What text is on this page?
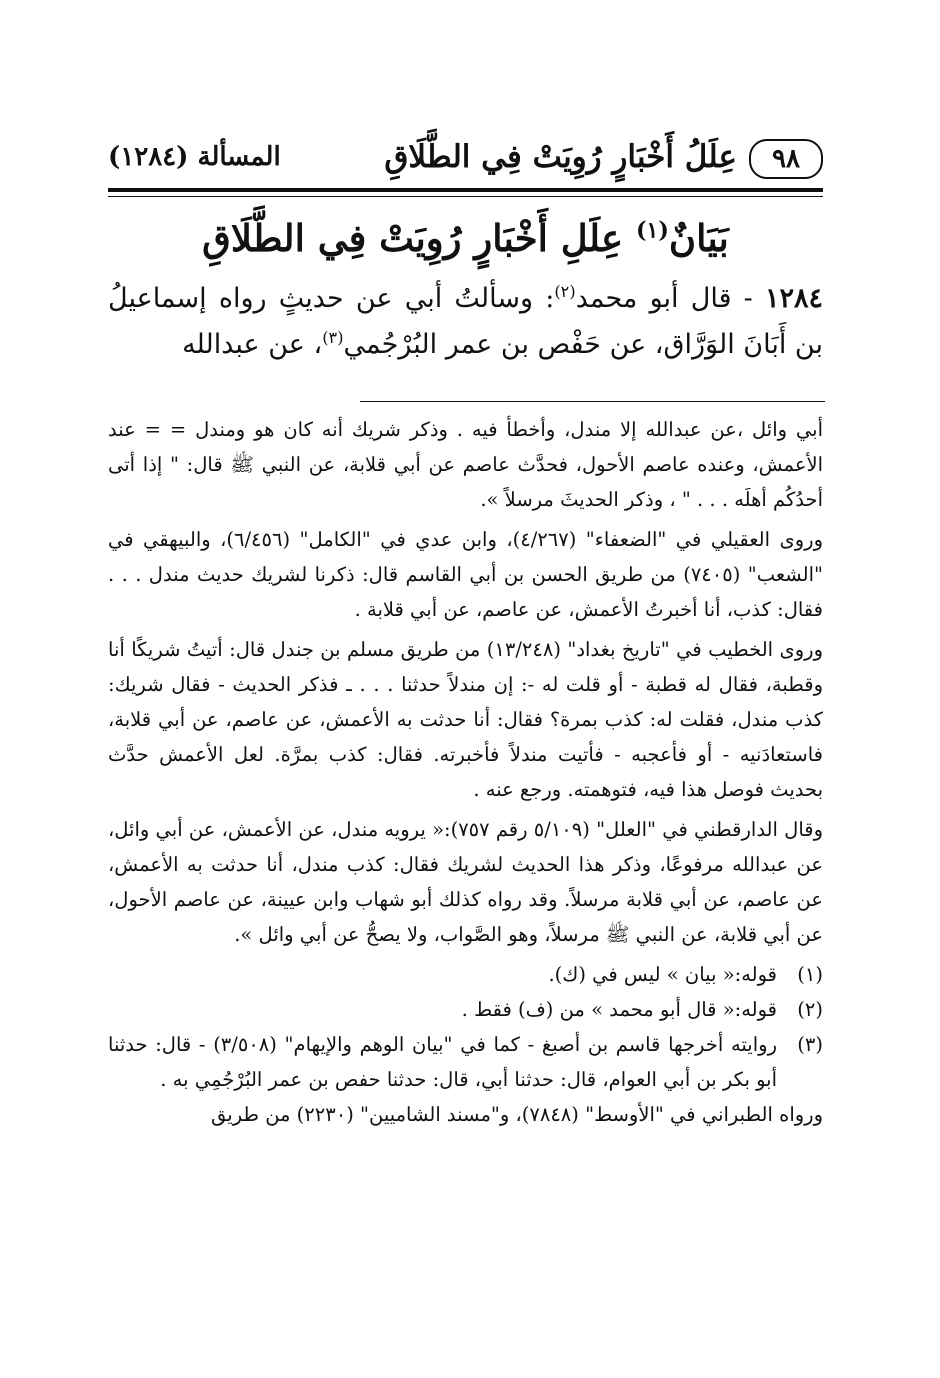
٩٨
عِلَلُ أَخْبَارٍ رُوِيَتْ فِي الطَّلَاقِ
المسألة (١٢٨٤)
بَيَانٌ$^{(١)}$ عِلَلِ أَخْبَارٍ رُوِيَتْ فِي الطَّلَاقِ

١٢٨٤ - قال أبو محمد$^{(٢)}$: وسألتُ أبي عن حديثٍ رواه إسماعيلُ بن أَبَانَ الوَرَّاق، عن حَفْص بن عمر البُرْجُمي$^{(٣)}$، عن عبدالله

أبي وائل ،عن عبدالله إلا مندل، وأخطأ فيه . وذكر شريك أنه كان هو ومندل = = عند الأعمش، وعنده عاصم الأحول، فحدَّث عاصم عن أبي قلابة، عن النبي ﷺ قال: " إذا أتى أحدُكُم أهلَه . . . " ، وذكر الحديثَ مرسلاً ».

وروى العقيلي في "الضعفاء" (٤/٢٦٧)، وابن عدي في "الكامل" (٦/٤٥٦)، والبيهقي في "الشعب" (٧٤٠٥) من طريق الحسن بن أبي القاسم قال: ذكرنا لشريك حديث مندل . . . فقال: كذب، أنا أخبرتُ الأعمش، عن عاصم، عن أبي قلابة .

وروى الخطيب في "تاريخ بغداد" (١٣/٢٤٨) من طريق مسلم بن جندل قال: أتيتُ شريكًا أنا وقطبة، فقال له قطبة - أو قلت له -: إن مندلاً حدثنا . . . ـ فذكر الحديث - فقال شريك: كذب مندل، فقلت له: كذب بمرة؟ فقال: أنا حدثت به الأعمش، عن عاصم، عن أبي قلابة، فاستعادَنيه - أو فأعجبه - فأتيت مندلاً فأخبرته. فقال: كذب بمرَّة. لعل الأعمش حدَّث بحديث فوصل هذا فيه، فتوهمته. ورجع عنه .

وقال الدارقطني في "العلل" (٥/١٠٩ رقم ٧٥٧):« يرويه مندل، عن الأعمش، عن أبي وائل، عن عبدالله مرفوعًا، وذكر هذا الحديث لشريك فقال: كذب مندل، أنا حدثت به الأعمش، عن عاصم، عن أبي قلابة مرسلاً. وقد رواه كذلك أبو شهاب وابن عيينة، عن عاصم الأحول، عن أبي قلابة، عن النبي ﷺ مرسلاً، وهو الصَّواب، ولا يصحُّ عن أبي وائل ».

(١)
قوله:« بيان » ليس في (ك).
(٢)
قوله:« قال أبو محمد » من (ف) فقط .
(٣)
روايته أخرجها قاسم بن أصبغ - كما في "بيان الوهم والإيهام" (٣/٥٠٨) - قال: حدثنا أبو بكر بن أبي العوام، قال: حدثنا أبي، قال: حدثنا حفص بن عمر البُرْجُمِي به .

ورواه الطبراني في "الأوسط" (٧٨٤٨)، و"مسند الشاميين" (٢٢٣٠) من طريق
